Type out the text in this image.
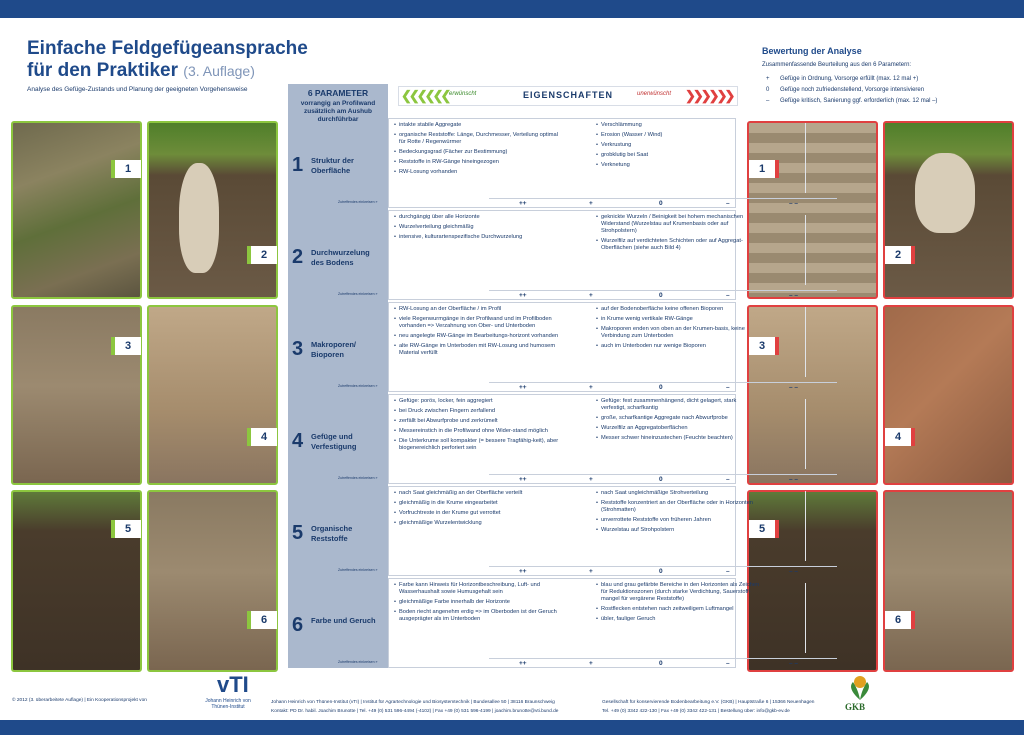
Einfache Feldgefügeansprache
für den Praktiker (3. Auflage)
Analyse des Gefüge-Zustands und Planung der geeigneten Vorgehensweise
Bewertung der Analyse
Zusammenfassende Beurteilung aus den 6 Parametern:
+ Gefüge in Ordnung, Vorsorge erfüllt (max. 12 mal +)
0 Gefüge noch zufriedenstellend, Vorsorge intensivieren
– Gefüge kritisch, Sanierung ggf. erforderlich (max. 12 mal –)
1
2
3
4
5
6
1
2
3
4
5
6
6 PARAMETER
vorrangig an Profilwand zusätzlich am Aushub durchführbar
❮❮❮❮❮❮ erwünscht	EIGENSCHAFTEN	unerwünscht ❯❯❯❯❯❯
1 Struktur der Oberfläche
Zutreffendes einkreisen »	++	+	0	–	– –
• intakte stabile Aggregate
• organische Reststoffe: Länge, Durchmesser, Verteilung optimal für Rotte / Regenwürmer
• Bedeckungsgrad (Fächer zur Bestimmung)
• Reststoffe in RW-Gänge hineingezogen
• RW-Losung vorhanden
• Verschlämmung
• Erosion (Wasser / Wind)
• Verkrustung
• grobklutig bei Saat
• Verknetung
2 Durchwurzelung des Bodens
Zutreffendes einkreisen »	++	+	0	–	– –
• durchgängig über alle Horizonte
• Wurzelverteilung gleichmäßig
• intensive, kulturartenspezifische Durchwurzelung
• geknickte Wurzeln / Beinigkeit bei hohem mechanischen Widerstand (Wurzelstau auf Krumenbasis oder auf Strohpolstern)
• Wurzelfilz auf verdichteten Schichten oder auf Aggregat-Oberflächen (siehe auch Bild 4)
3 Makroporen/ Bioporen
Zutreffendes einkreisen »	++	+	0	–	– –
• RW-Losung an der Oberfläche / im Profil
• viele Regenwurmgänge in der Profilwand und im Profilboden vorhanden => Verzahnung von Ober- und Unterboden
• neu angelegte RW-Gänge im Bearbeitungs-horizont vorhanden
• alte RW-Gänge im Unterboden mit RW-Losung und humosem Material verfüllt
• auf der Bodenoberfläche keine offenen Bioporen
• in Krume wenig vertikale RW-Gänge
• Makroporen enden von oben an der Krumen-basis, keine Verbindung zum Unterboden
• auch im Unterboden nur wenige Bioporen
4 Gefüge und Verfestigung
Zutreffendes einkreisen »	++	+	0	–	– –
• Gefüge: porös, locker, fein aggregiert
• bei Druck zwischen Fingern zerfallend
• zerfällt bei Abwurfprobe und zerkrümelt
• Messereinstich in die Profilwand ohne Wider-stand möglich
• Die Unterkrume soll kompakter (= bessere Tragfähig-keit), aber biogenereichlich perforiert sein
• Gefüge: fest zusammenhängend, dicht gelagert, stark verfestigt, scharfkantig
• große, scharfkantige Aggregate nach Abwurfprobe
• Wurzelfilz an Aggregatoberflächen
• Messer schwer hineinzustechen (Feuchte beachten)
5 Organische Reststoffe
Zutreffendes einkreisen »	++	+	0	–	– –
• nach Saat gleichmäßig an der Oberfläche verteilt
• gleichmäßig in die Krume eingearbeitet
• Vorfruchtreste in der Krume gut verrottet
• gleichmäßige Wurzelentwicklung
• nach Saat ungleichmäßige Strohverteilung
• Reststoffe konzentriert an der Oberfläche oder in Horizonten (Strohmatten)
• unverrottete Reststoffe von früheren Jahren
• Wurzelstau auf Strohpolstern
6 Farbe und Geruch
Zutreffendes einkreisen »	++	+	0	–	– –
• Farbe kann Hinweis für Horizontbeschreibung, Luft- und Wasserhaushalt sowie Humusgehalt sein
• gleichmäßige Farbe innerhalb der Horizonte
• Boden riecht angenehm erdig => im Oberboden ist der Geruch ausgeprägter als im Unterboden
• blau und grau gefärbte Bereiche in den Horizonten als Zeichen für Reduktionszonen (durch starke Verdichtung, Sauerstoff-mangel für vergärene Reststoffe)
• Rostflecken entstehen nach zeitweiligem Luftmangel
• übler, fauliger Geruch
© 2012 (3. überarbeitete Auflage) | Ein Kooperationsprojekt von
vTI
Johann Heinrich von Thünen-Institut
Johann Heinrich von Thünen-Institut (vTI) | Institut für Agrartechnologie und Biosystemtechnik | Bundesallee 50 | 38116 Braunschweig
Kontakt: PD Dr. habil. Joachim Brunotte | Tel. +49 (0) 531 596-4494 (-4102) | Fax +49 (0) 531 596-4199 | joachim.brunotte@vti.bund.de
Gesellschaft für konservierende Bodenbearbeitung e.V. (GKB) | Hauptstraße 6 | 15366 Neuenhagen
Tel. +49 (0) 3342 422-130 | Fax +49 (0) 3342 422-131 | Bestellung über: info@gkb-ev.de	GKB
